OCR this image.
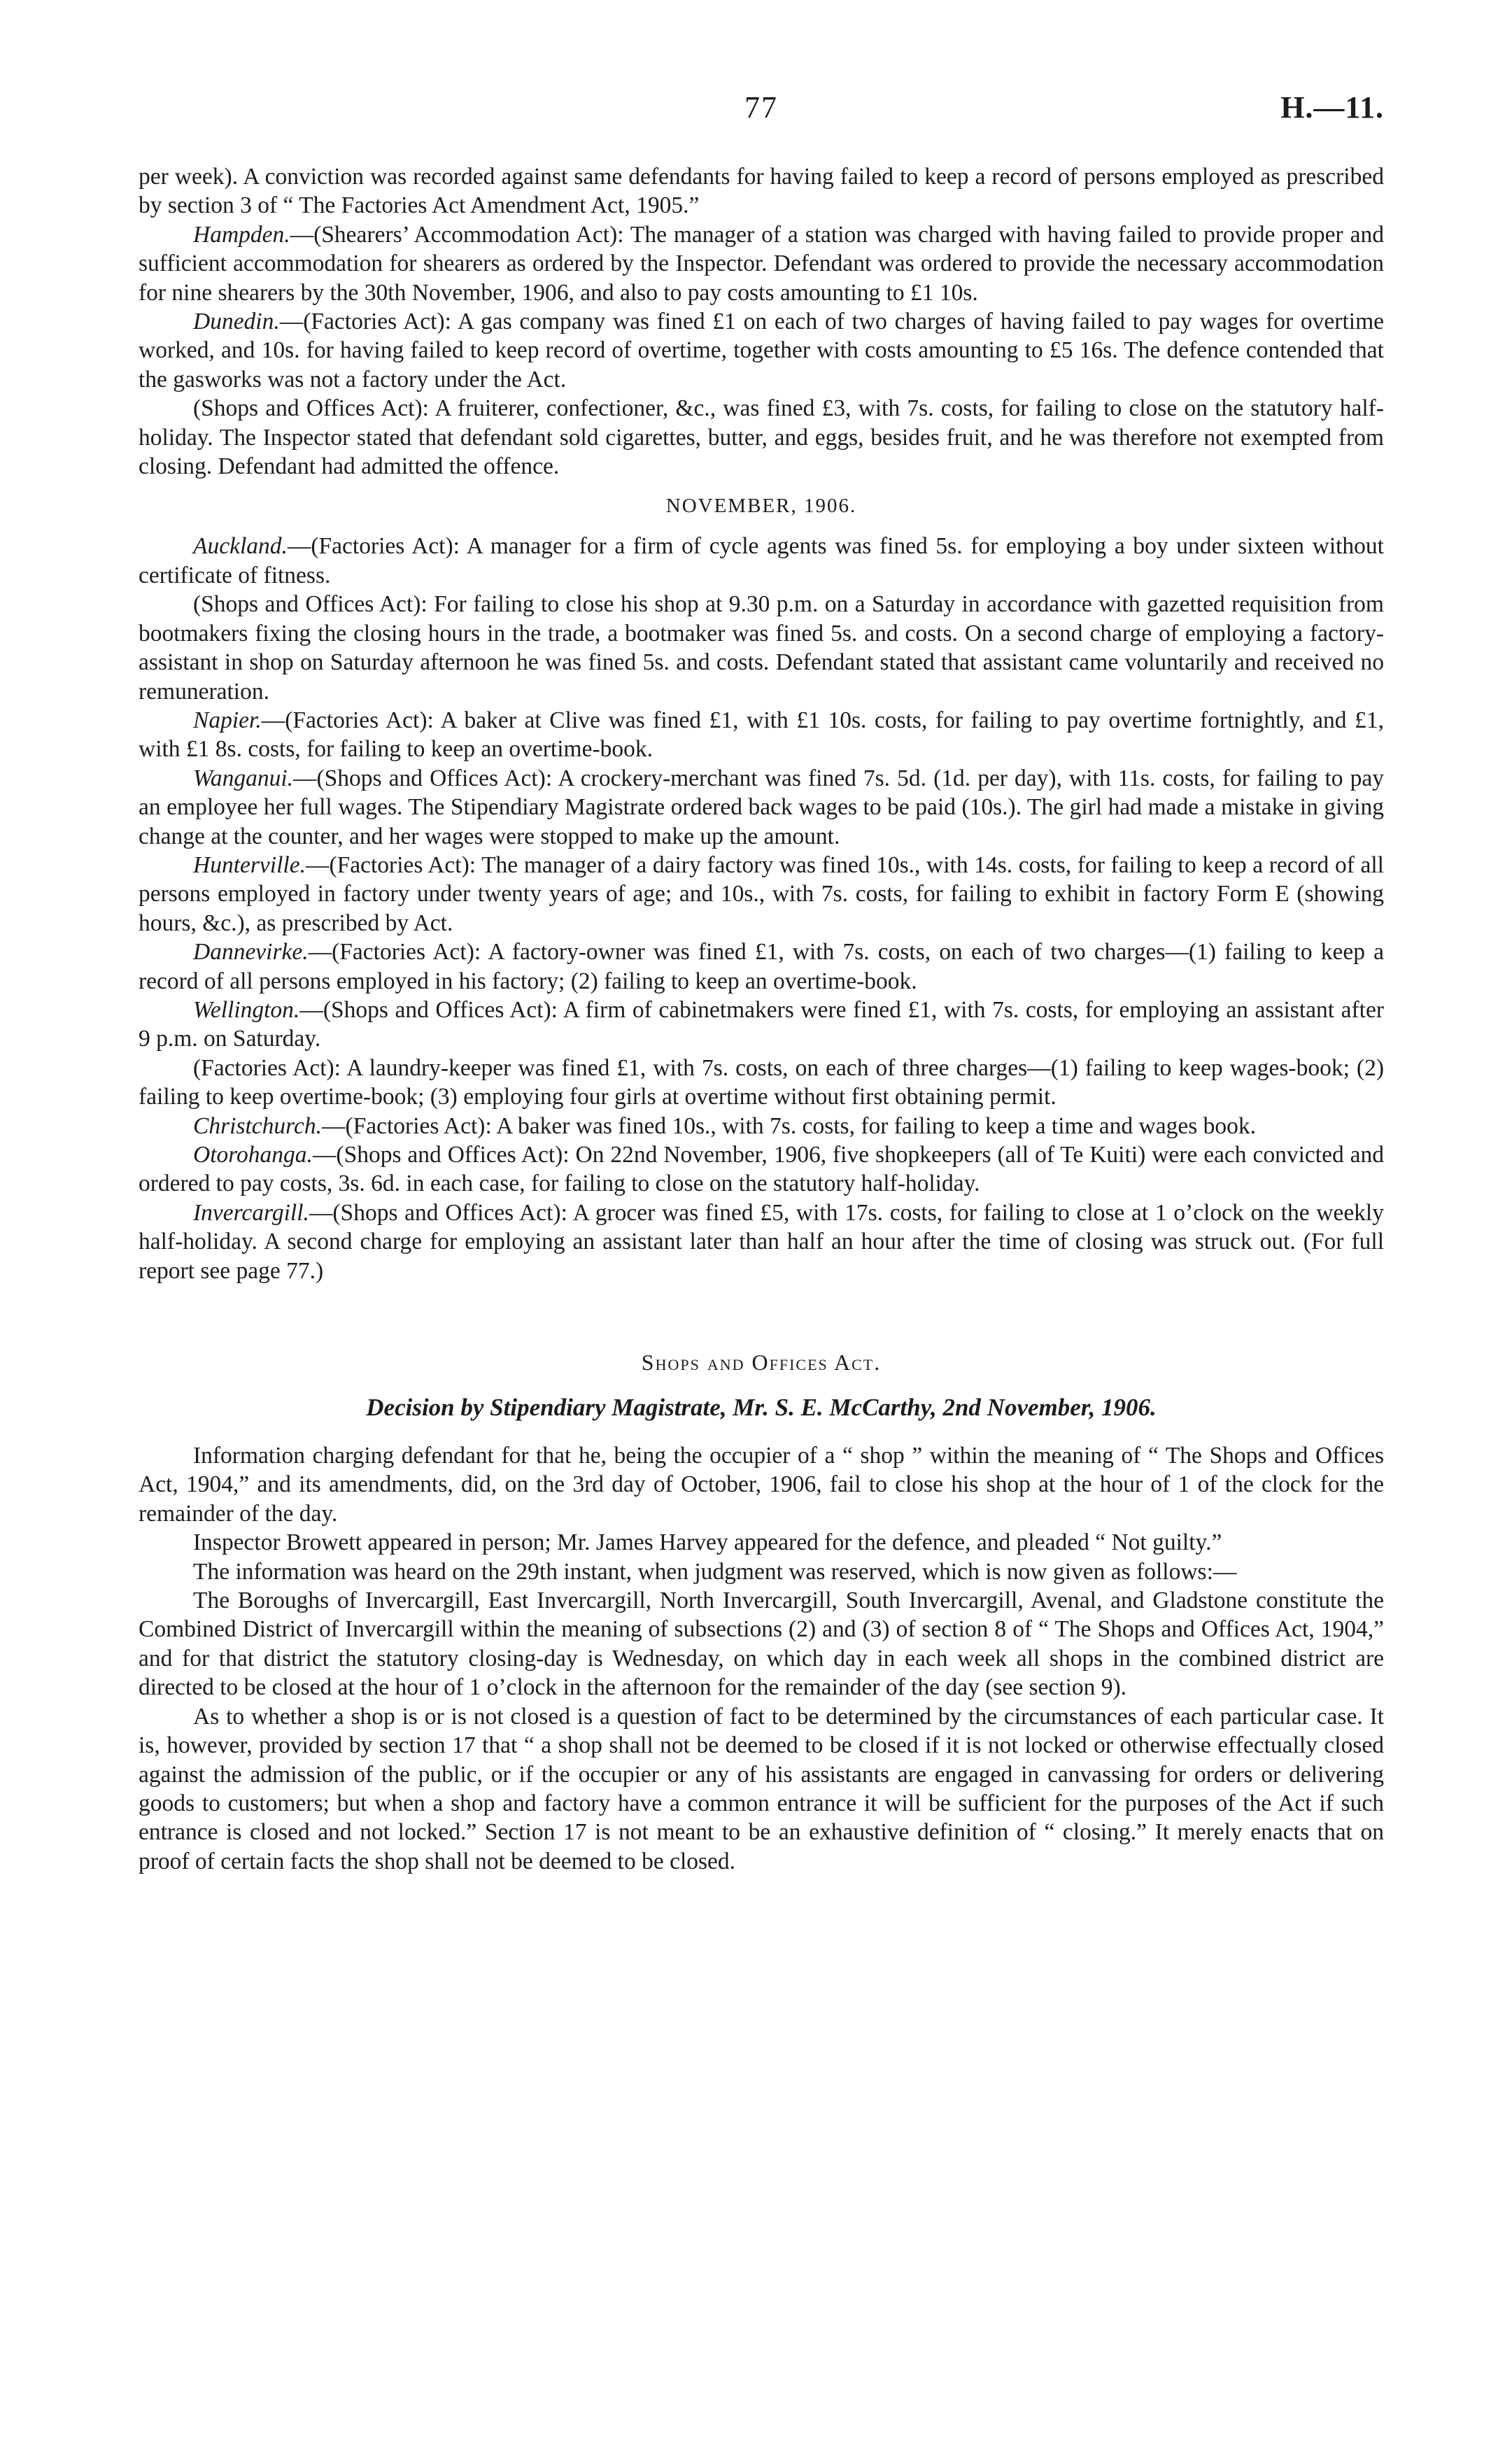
77	H.—11.

per week). A conviction was recorded against same defendants for having failed to keep a record of persons employed as prescribed by section 3 of “ The Factories Act Amendment Act, 1905.”

Hampden.—(Shearers’ Accommodation Act): The manager of a station was charged with having failed to provide proper and sufficient accommodation for shearers as ordered by the Inspector. Defendant was ordered to provide the necessary accommodation for nine shearers by the 30th November, 1906, and also to pay costs amounting to £1 10s.

Dunedin.—(Factories Act): A gas company was fined £1 on each of two charges of having failed to pay wages for overtime worked, and 10s. for having failed to keep record of overtime, together with costs amounting to £5 16s. The defence contended that the gasworks was not a factory under the Act.

(Shops and Offices Act): A fruiterer, confectioner, &c., was fined £3, with 7s. costs, for failing to close on the statutory half-holiday. The Inspector stated that defendant sold cigarettes, butter, and eggs, besides fruit, and he was therefore not exempted from closing. Defendant had admitted the offence.

NOVEMBER, 1906.

Auckland.—(Factories Act): A manager for a firm of cycle agents was fined 5s. for employing a boy under sixteen without certificate of fitness.

(Shops and Offices Act): For failing to close his shop at 9.30 p.m. on a Saturday in accordance with gazetted requisition from bootmakers fixing the closing hours in the trade, a bootmaker was fined 5s. and costs. On a second charge of employing a factory-assistant in shop on Saturday afternoon he was fined 5s. and costs. Defendant stated that assistant came voluntarily and received no remuneration.

Napier.—(Factories Act): A baker at Clive was fined £1, with £1 10s. costs, for failing to pay overtime fortnightly, and £1, with £1 8s. costs, for failing to keep an overtime-book.

Wanganui.—(Shops and Offices Act): A crockery-merchant was fined 7s. 5d. (1d. per day), with 11s. costs, for failing to pay an employee her full wages. The Stipendiary Magistrate ordered back wages to be paid (10s.). The girl had made a mistake in giving change at the counter, and her wages were stopped to make up the amount.

Hunterville.—(Factories Act): The manager of a dairy factory was fined 10s., with 14s. costs, for failing to keep a record of all persons employed in factory under twenty years of age; and 10s., with 7s. costs, for failing to exhibit in factory Form E (showing hours, &c.), as prescribed by Act.

Dannevirke.—(Factories Act): A factory-owner was fined £1, with 7s. costs, on each of two charges—(1) failing to keep a record of all persons employed in his factory; (2) failing to keep an overtime-book.

Wellington.—(Shops and Offices Act): A firm of cabinetmakers were fined £1, with 7s. costs, for employing an assistant after 9 p.m. on Saturday.

(Factories Act): A laundry-keeper was fined £1, with 7s. costs, on each of three charges—(1) failing to keep wages-book; (2) failing to keep overtime-book; (3) employing four girls at overtime without first obtaining permit.

Christchurch.—(Factories Act): A baker was fined 10s., with 7s. costs, for failing to keep a time and wages book.

Otorohanga.—(Shops and Offices Act): On 22nd November, 1906, five shopkeepers (all of Te Kuiti) were each convicted and ordered to pay costs, 3s. 6d. in each case, for failing to close on the statutory half-holiday.

Invercargill.—(Shops and Offices Act): A grocer was fined £5, with 17s. costs, for failing to close at 1 o’clock on the weekly half-holiday. A second charge for employing an assistant later than half an hour after the time of closing was struck out. (For full report see page 77.)

Shops and Offices Act.

Decision by Stipendiary Magistrate, Mr. S. E. McCarthy, 2nd November, 1906.

Information charging defendant for that he, being the occupier of a “ shop ” within the meaning of “ The Shops and Offices Act, 1904,” and its amendments, did, on the 3rd day of October, 1906, fail to close his shop at the hour of 1 of the clock for the remainder of the day.

Inspector Browett appeared in person; Mr. James Harvey appeared for the defence, and pleaded “ Not guilty.”

The information was heard on the 29th instant, when judgment was reserved, which is now given as follows:—

The Boroughs of Invercargill, East Invercargill, North Invercargill, South Invercargill, Avenal, and Gladstone constitute the Combined District of Invercargill within the meaning of subsections (2) and (3) of section 8 of “ The Shops and Offices Act, 1904,” and for that district the statutory closing-day is Wednesday, on which day in each week all shops in the combined district are directed to be closed at the hour of 1 o’clock in the afternoon for the remainder of the day (see section 9).

As to whether a shop is or is not closed is a question of fact to be determined by the circumstances of each particular case. It is, however, provided by section 17 that “ a shop shall not be deemed to be closed if it is not locked or otherwise effectually closed against the admission of the public, or if the occupier or any of his assistants are engaged in canvassing for orders or delivering goods to customers; but when a shop and factory have a common entrance it will be sufficient for the purposes of the Act if such entrance is closed and not locked.” Section 17 is not meant to be an exhaustive definition of “ closing.” It merely enacts that on proof of certain facts the shop shall not be deemed to be closed.
